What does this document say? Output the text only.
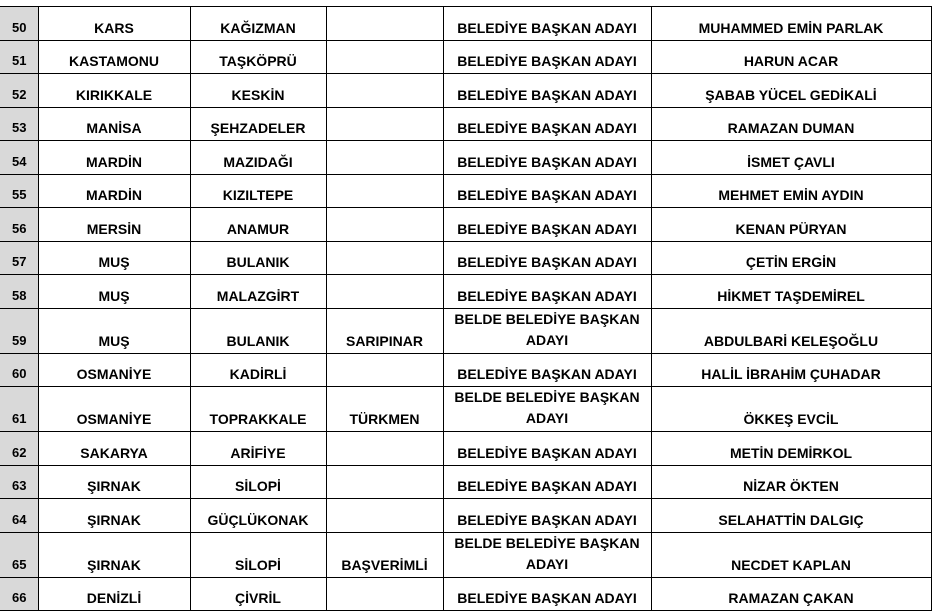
50	KARS	KAĞIZMAN		BELEDİYE BAŞKAN ADAYI	MUHAMMED EMİN PARLAK
51	KASTAMONU	TAŞKÖPRÜ		BELEDİYE BAŞKAN ADAYI	HARUN ACAR
52	KIRIKKALE	KESKİN		BELEDİYE BAŞKAN ADAYI	ŞABAB YÜCEL GEDİKALİ
53	MANİSA	ŞEHZADELER		BELEDİYE BAŞKAN ADAYI	RAMAZAN DUMAN
54	MARDİN	MAZIDAĞI		BELEDİYE BAŞKAN ADAYI	İSMET ÇAVLI
55	MARDİN	KIZILTEPE		BELEDİYE BAŞKAN ADAYI	MEHMET EMİN AYDIN
56	MERSİN	ANAMUR		BELEDİYE BAŞKAN ADAYI	KENAN PÜRYAN
57	MUŞ	BULANIK		BELEDİYE BAŞKAN ADAYI	ÇETİN ERGİN
58	MUŞ	MALAZGİRT		BELEDİYE BAŞKAN ADAYI	HİKMET TAŞDEMİREL
59	MUŞ	BULANIK	SARIPINAR	BELDE BELEDİYE BAŞKAN ADAYI	ABDULBARİ KELEŞOĞLU
60	OSMANİYE	KADİRLİ		BELEDİYE BAŞKAN ADAYI	HALİL İBRAHİM ÇUHADAR
61	OSMANİYE	TOPRAKKALE	TÜRKMEN	BELDE BELEDİYE BAŞKAN ADAYI	ÖKKEŞ EVCİL
62	SAKARYA	ARİFİYE		BELEDİYE BAŞKAN ADAYI	METİN DEMİRKOL
63	ŞIRNAK	SİLOPİ		BELEDİYE BAŞKAN ADAYI	NİZAR ÖKTEN
64	ŞIRNAK	GÜÇLÜKONAK		BELEDİYE BAŞKAN ADAYI	SELAHATTİN DALGIÇ
65	ŞIRNAK	SİLOPİ	BAŞVERİMLİ	BELDE BELEDİYE BAŞKAN ADAYI	NECDET KAPLAN
66	DENİZLİ	ÇİVRİL		BELEDİYE BAŞKAN ADAYI	RAMAZAN ÇAKAN
